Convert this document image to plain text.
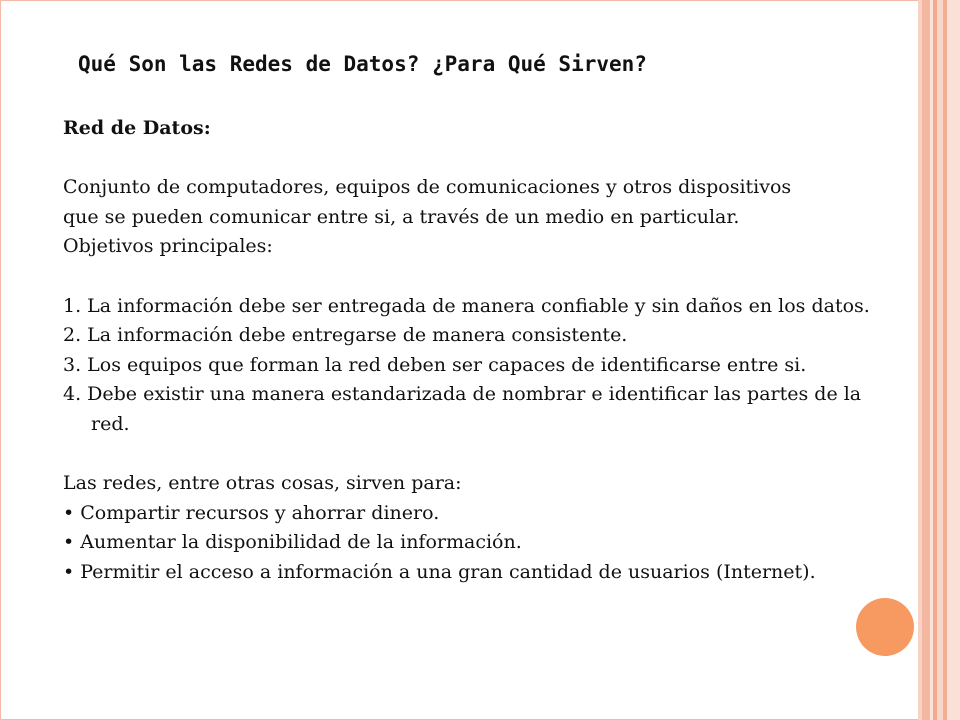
Qué Son las Redes de Datos? ¿Para Qué Sirven?

Red de Datos:

Conjunto de computadores, equipos de comunicaciones y otros dispositivos

que se pueden comunicar entre si, a través de un medio en particular.

Objetivos principales:

1. La información debe ser entregada de manera confiable y sin daños en los datos.

2. La información debe entregarse de manera consistente.

3. Los equipos que forman la red deben ser capaces de identificarse entre si.

4. Debe existir una manera estandarizada de nombrar e identificar las partes de la red.

Las redes, entre otras cosas, sirven para:

• Compartir recursos y ahorrar dinero.

• Aumentar la disponibilidad de la información.

• Permitir el acceso a información a una gran cantidad de usuarios (Internet).
